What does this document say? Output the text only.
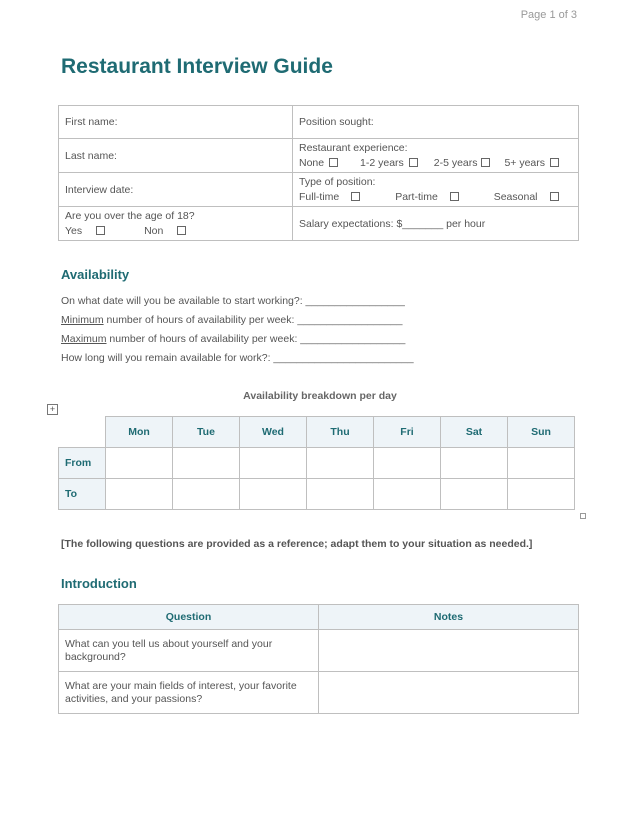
Page 1 of 3
Restaurant Interview Guide
First name:	Position sought:
Last name:	Restaurant experience:
None 1-2 years 2-5 years 5+ years

Interview date:	Type of position:
Full-time Part-time Seasonal

Are you over the age of 18?
Yes Non	Salary expectations: $_______ per hour
Availability
On what date will you be available to start working?: _________________
Minimum number of hours of availability per week: __________________
Maximum number of hours of availability per week: __________________
How long will you remain available for work?: ________________________
Availability breakdown per day
+
	Mon	Tue	Wed	Thu	Fri	Sat	Sun
From							
To							
[The following questions are provided as a reference; adapt them to your situation as needed.]
Introduction
Question	Notes
What can you tell us about yourself and your background?	
What are your main fields of interest, your favorite activities, and your passions?	
